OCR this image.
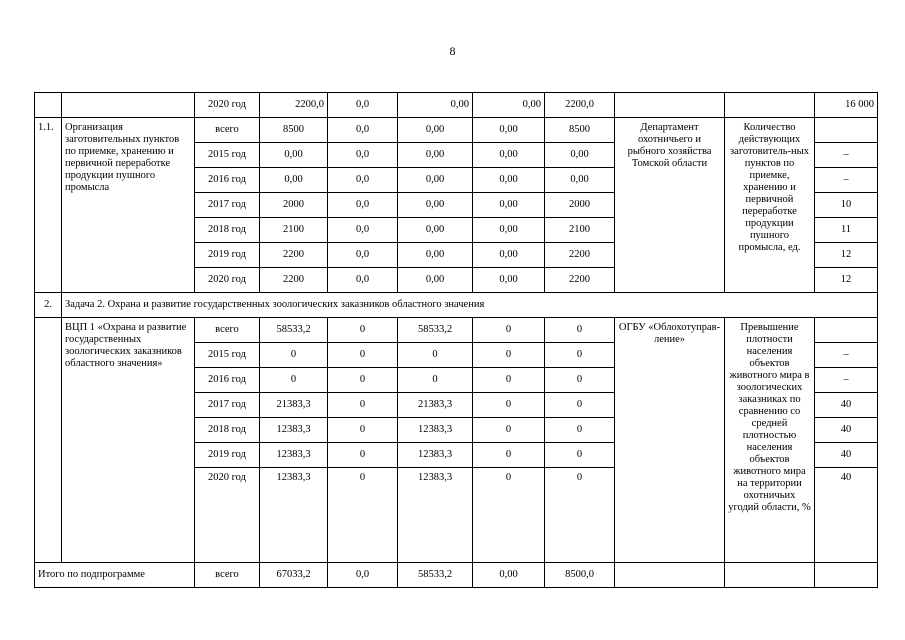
8
		2020 год	2200,0	0,0	0,00	0,00	2200,0			16 000
1.1.	Организация заготовительных пунктов по приемке, хранению и первичной переработке продукции пушного промысла	всего	8500	0,0	0,00	0,00	8500	Департамент охотничьего и рыбного хозяйства Томской области	Количество действующих заготовитель-ных пунктов по приемке, хранению и первичной переработке продукции пушного промысла, ед.	
		2015 год	0,00	0,0	0,00	0,00	0,00			–
		2016 год	0,00	0,0	0,00	0,00	0,00			–
		2017 год	2000	0,0	0,00	0,00	2000			10
		2018 год	2100	0,0	0,00	0,00	2100			11
		2019 год	2200	0,0	0,00	0,00	2200			12
		2020 год	2200	0,0	0,00	0,00	2200			12
2.	Задача 2. Охрана и развитие государственных зоологических заказников областного значения									
	ВЦП 1 «Охрана и развитие государственных зоологических заказников областного значения»	всего	58533,2	0	58533,2	0	0	ОГБУ «Облохотуправ-ление»	Превышение плотности населения объектов животного мира в зоологических заказниках по сравнению со средней плотностью населения объектов животного мира на территории охотничьих угодий области, %	
		2015 год	0	0	0	0	0			–
		2016 год	0	0	0	0	0			–
		2017 год	21383,3	0	21383,3	0	0			40
		2018 год	12383,3	0	12383,3	0	0			40
		2019 год	12383,3	0	12383,3	0	0			40
		2020 год	12383,3	0	12383,3	0	0			40
Итого по подпрограмме		всего	67033,2	0,0	58533,2	0,00	8500,0			
